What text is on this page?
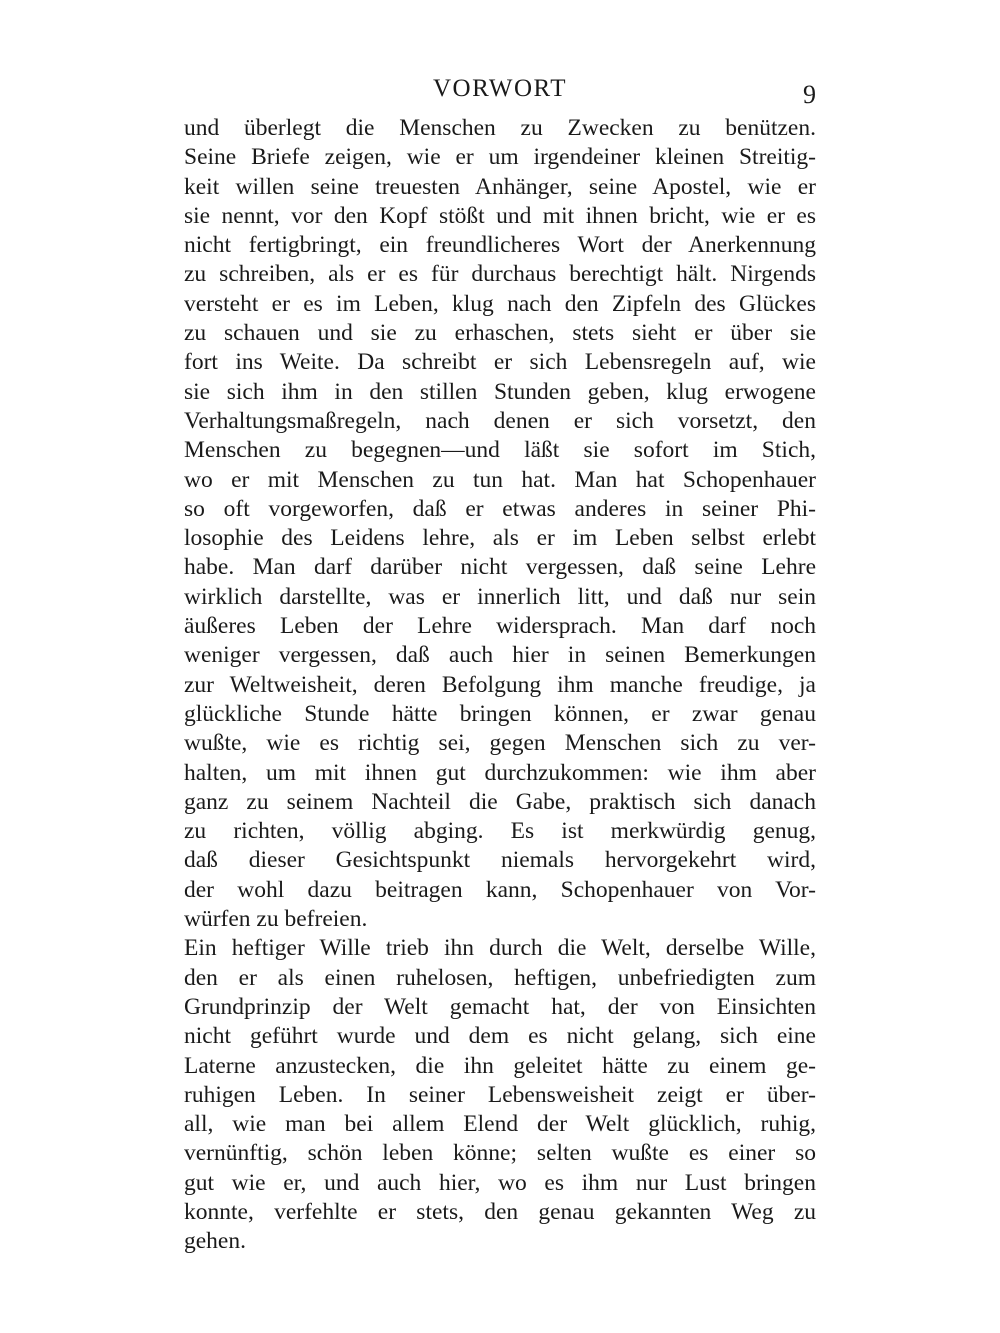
VORWORT	9
und überlegt die Menschen zu Zwecken zu benützen.
Seine Briefe zeigen, wie er um irgendeiner kleinen Streitig-
keit willen seine treuesten Anhänger, seine Apostel, wie er
sie nennt, vor den Kopf stößt und mit ihnen bricht, wie er es
nicht fertigbringt, ein freundlicheres Wort der Anerkennung
zu schreiben, als er es für durchaus berechtigt hält. Nirgends
versteht er es im Leben, klug nach den Zipfeln des Glückes
zu schauen und sie zu erhaschen, stets sieht er über sie
fort ins Weite. Da schreibt er sich Lebensregeln auf, wie
sie sich ihm in den stillen Stunden geben, klug erwogene
Verhaltungsmaßregeln, nach denen er sich vorsetzt, den
Menschen zu begegnen—und läßt sie sofort im Stich,
wo er mit Menschen zu tun hat. Man hat Schopenhauer
so oft vorgeworfen, daß er etwas anderes in seiner Phi-
losophie des Leidens lehre, als er im Leben selbst erlebt
habe. Man darf darüber nicht vergessen, daß seine Lehre
wirklich darstellte, was er innerlich litt, und daß nur sein
äußeres Leben der Lehre widersprach. Man darf noch
weniger vergessen, daß auch hier in seinen Bemerkungen
zur Weltweisheit, deren Befolgung ihm manche freudige, ja
glückliche Stunde hätte bringen können, er zwar genau
wußte, wie es richtig sei, gegen Menschen sich zu ver-
halten, um mit ihnen gut durchzukommen: wie ihm aber
ganz zu seinem Nachteil die Gabe, praktisch sich danach
zu richten, völlig abging. Es ist merkwürdig genug,
daß dieser Gesichtspunkt niemals hervorgekehrt wird,
der wohl dazu beitragen kann, Schopenhauer von Vor-
würfen zu befreien.
Ein heftiger Wille trieb ihn durch die Welt, derselbe Wille,
den er als einen ruhelosen, heftigen, unbefriedigten zum
Grundprinzip der Welt gemacht hat, der von Einsichten
nicht geführt wurde und dem es nicht gelang, sich eine
Laterne anzustecken, die ihn geleitet hätte zu einem ge-
ruhigen Leben. In seiner Lebensweisheit zeigt er über-
all, wie man bei allem Elend der Welt glücklich, ruhig,
vernünftig, schön leben könne; selten wußte es einer so
gut wie er, und auch hier, wo es ihm nur Lust bringen
konnte, verfehlte er stets, den genau gekannten Weg zu
gehen.
